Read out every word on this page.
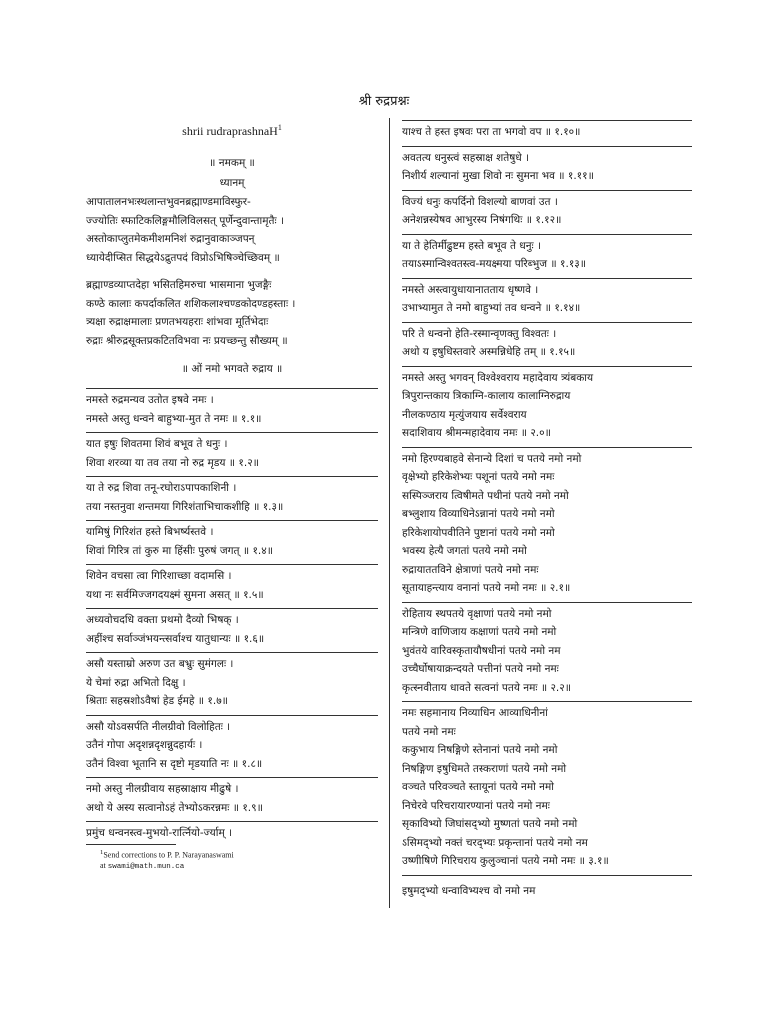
श्री रुद्रप्रश्नः
shrii rudraprashnaH$^1$
॥ नमकम् ॥
ध्यानम्
आपातालनभःस्थलान्तभुवनब्रह्माण्डमाविस्फुर-
ज्ज्योतिः स्फाटिकलिङ्गमौलिविलसत् पूर्णेन्दुवान्तामृतैः ।
अस्तोकाप्लुतमेकमीशमनिशं रुद्रानुवाकाञ्जपन्
ध्यायेदीप्सित सिद्धयेऽद्रुतपदं विप्रोऽभिषिञ्चेच्छिवम् ॥
ब्रह्माण्डव्याप्तदेहा भसितहिमरुचा भासमाना भुजङ्गैः
कण्ठे कालाः कपर्दाकलित शशिकलाश्चण्डकोदण्डहस्ताः ।
त्र्यक्षा रुद्राक्षमालाः प्रणतभयहराः शांभवा मूर्तिभेदाः
रुद्राः श्रीरुद्रसूक्तप्रकटितविभवा नः प्रयच्छन्तु सौख्यम् ॥
॥ ओं नमो भगवते रुद्राय ॥
नमस्ते रुद्रमन्यव उतोत इषवे नमः ।
नमस्ते अस्तु धन्वने बाहुभ्या-मुत ते नमः ॥ १.१॥
यात इषुः शिवतमा शिवं बभूव ते धनुः ।
शिवा शरव्या या तव तया नो रुद्र मृडय ॥ १.२॥
या ते रुद्र शिवा तनू-रघोराऽपापकाशिनी ।
तया नस्तनुवा शन्तमया गिरिशंताभिचाकशीहि ॥ १.३॥
यामिषुं गिरिशंत हस्ते बिभर्ष्यस्तवे ।
शिवां गिरित्र तां कुरु मा हिंसीः पुरुषं जगत् ॥ १.४॥
शिवेन वचसा त्वा गिरिशाच्छा वदामसि ।
यथा नः सर्वमिज्जगदयक्ष्मं सुमना असत् ॥ १.५॥
अध्यवोचदधि वक्ता प्रथमो दैव्यो भिषक् ।
अहींश्च सर्वाञ्जंभयन्त्सर्वाश्च यातुधान्यः ॥ १.६॥
असौ यस्ताम्रो अरुण उत बभ्रुः सुमंगलः ।
ये चेमां रुद्रा अभितो दिक्षु ।
श्रिताः सहस्रशोऽवैषां हेड ईमहे ॥ १.७॥
असौ योऽवसर्पति नीलग्रीवो विलोहितः ।
उतैनं गोपा अदृशन्नदृशन्नुदहार्यः ।
उतैनं विश्वा भूतानि स दृष्टो मृडयाति नः ॥ १.८॥
नमो अस्तु नीलग्रीवाय सहस्राक्षाय मीढुषे ।
अथो ये अस्य सत्वानोऽहं तेभ्योऽकरन्नमः ॥ १.९॥
प्रमुंच धन्वनस्त्व-मुभयो-रार्त्नियो-र्ज्याम् ।
$^1$Send corrections to P. P. Narayanaswami
at swami@math.mun.ca
याश्च ते हस्त इषवः परा ता भगवो वप ॥ १.१०॥
अवतत्य धनुस्त्वं सहस्राक्ष शतेषुधे ।
निशीर्य शल्यानां मुखा शिवो नः सुमना भव ॥ १.११॥
विज्यं धनुः कपर्दिनो विशल्यो बाणवां उत ।
अनेशन्नस्येषव आभुरस्य निषंगथिः ॥ १.१२॥
या ते हेतिर्मीढुष्टम हस्ते बभूव ते धनुः ।
तयाऽस्मान्विश्वतस्त्व-मयक्ष्मया परिब्भुज ॥ १.१३॥
नमस्ते अस्त्वायुधायानातताय धृष्णवे ।
उभाभ्यामुत ते नमो बाहुभ्यां तव धन्वने ॥ १.१४॥
परि ते धन्वनो हेति-रस्मान्वृणक्तु विश्वतः ।
अथो य इषुधिस्तवारे अस्मन्निधेहि तम् ॥ १.१५॥
नमस्ते अस्तु भगवन् विश्वेश्वराय महादेवाय त्र्यंबकाय
त्रिपुरान्तकाय त्रिकाग्नि-कालाय कालाग्निरुद्राय
नीलकण्ठाय मृत्युंजयाय सर्वेश्वराय
सदाशिवाय श्रीमन्महादेवाय नमः ॥ २.०॥
नमो हिरण्यबाहवे सेनान्ये दिशां च पतये नमो नमो
वृक्षेभ्यो हरिकेशेभ्यः पशूनां पतये नमो नमः
सस्पिञ्जराय त्विषीमते पथीनां पतये नमो नमो
बभ्लुशाय विव्याधिनेऽन्नानां पतये नमो नमो
हरिकेशायोपवीतिने पुष्टानां पतये नमो नमो
भवस्य हेत्यै जगतां पतये नमो नमो
रुद्रायाततविने क्षेत्राणां पतये नमो नमः
सूतायाहन्त्याय वनानां पतये नमो नमः ॥ २.१॥
रोहिताय स्थपतये वृक्षाणां पतये नमो नमो
मन्त्रिणे वाणिजाय कक्षाणां पतये नमो नमो
भुवंतये वारिवस्कृतायौषधीनां पतये नमो नम
उच्चैर्घोषायाक्रन्दयते पत्तीनां पतये नमो नमः
कृत्स्नवीताय धावते सत्वनां पतये नमः ॥ २.२॥
नमः सहमानाय निव्याधिन आव्याधिनीनां
पतये नमो नमः
ककुभाय निषङ्गिणे स्तेनानां पतये नमो नमो
निषङ्गिण इषुधिमते तस्कराणां पतये नमो नमो
वञ्चते परिवञ्चते स्तायूनां पतये नमो नमो
निचेरवे परिचरायारण्यानां पतये नमो नमः
सृकाविभ्यो जिघांसद्भ्यो मुष्णतां पतये नमो नमो
ऽसिमद्भ्यो नक्तं चरद्भ्यः प्रकृन्तानां पतये नमो नम
उष्णीषिणे गिरिचराय कुलुञ्चानां पतये नमो नमः ॥ ३.१॥
इषुमद्भ्यो धन्वाविभ्यश्च वो नमो नम
